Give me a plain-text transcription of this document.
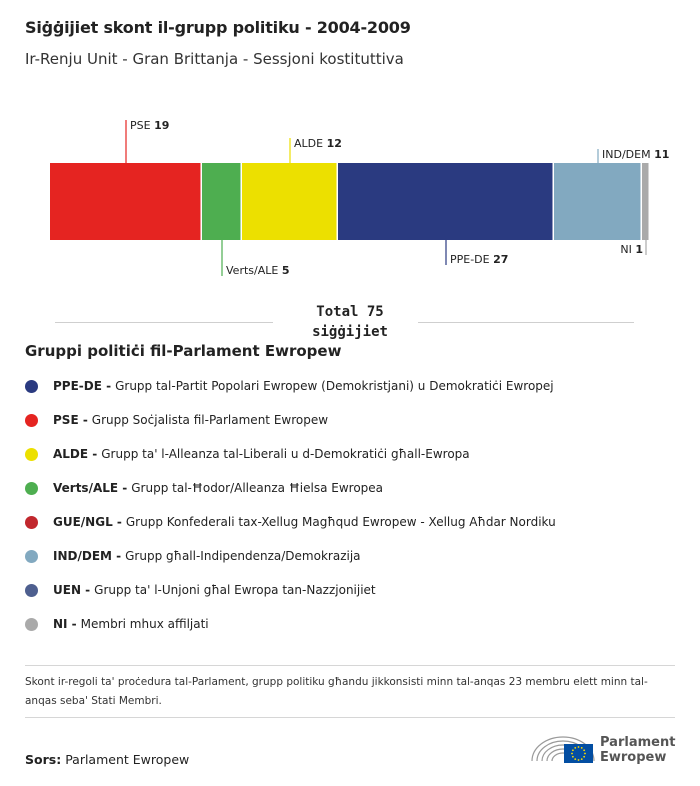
Siġġijiet skont il-grupp politiku - 2004-2009
Ir-Renju Unit - Gran Brittanja - Sessjoni kostituttiva
PSE 19
Verts/ALE 5
ALDE 12
PPE-DE 27
IND/DEM 11
NI 1
Total 75
siġġijiet
Gruppi politiċi fil-Parlament Ewropew
PPE-DE - Grupp tal-Partit Popolari Ewropew (Demokristjani) u Demokratiċi Ewropej
PSE - Grupp Soċjalista fil-Parlament Ewropew
ALDE - Grupp ta' l-Alleanza tal-Liberali u d-Demokratiċi għall-Ewropa
Verts/ALE - Grupp tal-Ħodor/Alleanza Ħielsa Ewropea
GUE/NGL - Grupp Konfederali tax-Xellug Magħqud Ewropew - Xellug Aħdar Nordiku
IND/DEM - Grupp għall-Indipendenza/Demokrazija
UEN - Grupp ta' l-Unjoni għal Ewropa tan-Nazzjonijiet
NI - Membri mhux affiljati
Skont ir-regoli ta' proċedura tal-Parlament, grupp politiku għandu jikkonsisti minn tal-anqas 23 membru elett minn tal-anqas seba' Stati Membri.
Sors: Parlament Ewropew
Parlament
Ewropew
